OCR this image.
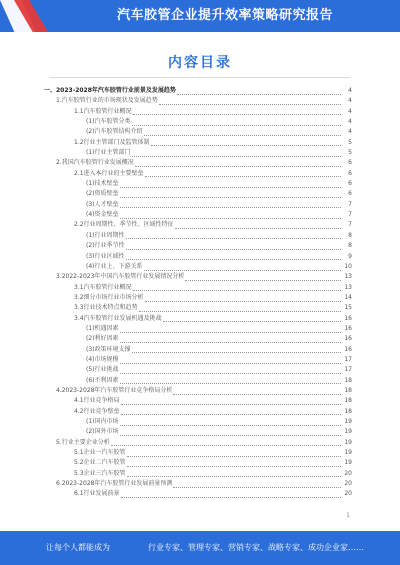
汽车胶管企业提升效率策略研究报告
内容目录
一、2023-2028年汽车胶管行业前景及发展趋势	4
1.汽车胶管行业的市场现状及发展趋势	4
1.1汽车胶管行业概况	4
(1)汽车胶管分类	4
(2)汽车胶管结构介绍	4
1.2行业主管部门及监管体制	5
(1)行业主管部门	5
2.我国汽车胶管行业发展概况	6
2.1进入本行业的主要壁垒	6
(1)技术壁垒	6
(2)资质壁垒	6
(3)人才壁垒	7
(4)资金壁垒	7
2.2行业周期性、季节性、区域性特征	7
(1)行业周期性	8
(2)行业季节性	8
(3)行业区域性	9
(4)行业上、下游关系	10
3.2022-2023年中国汽车胶管行业发展情况分析	13
3.1汽车胶管行业概况	13
3.2细分市场行业市场分析	14
3.3行业技术特点和趋势	15
3.4汽车胶管行业发展机遇及挑战	16
(1)机遇因素	16
(2)利好因素	16
(3)政策环境支撑	16
(4)市场规模	17
(5)行业挑战	17
(6)不利因素	18
4.2023-2028年汽车胶管行业竞争格局分析	18
4.1行业竞争格局	18
4.2行业竞争壁垒	18
(1)国内市场	19
(2)国外市场	19
5.行业主要企业分析	19
5.1企业一汽车胶管	19
5.2企业二汽车胶管	19
5.3企业三汽车胶管	20
6.2023-2028年汽车胶管行业发展前景预测	20
6.1行业发展前景	20
1
让每个人都能成为	行业专家、管理专家、营销专家、战略专家、成功企业家……
